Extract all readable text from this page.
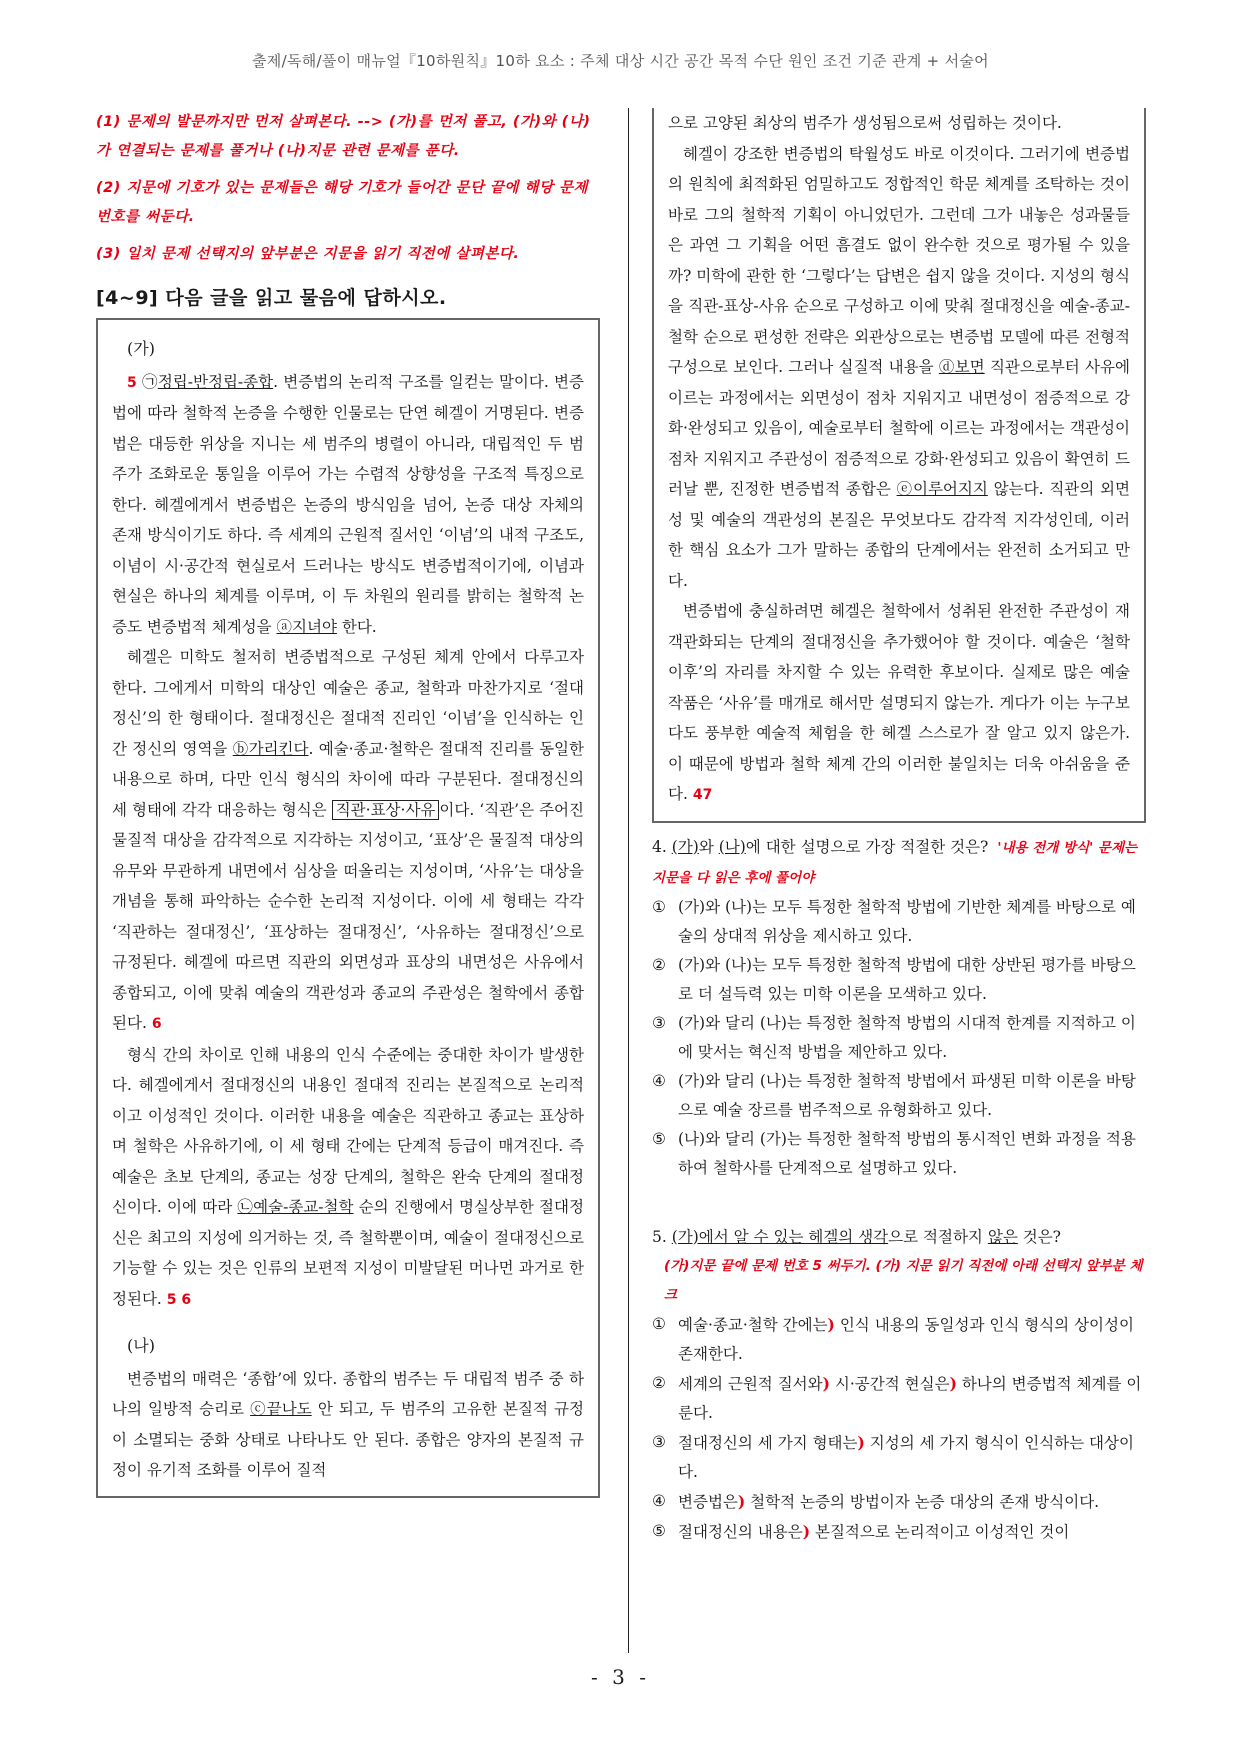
출제/독해/풀이 매뉴얼『10하원칙』10하 요소 : 주체 대상 시간 공간 목적 수단 원인 조건 기준 관계 + 서술어

(1) 문제의 발문까지만 먼저 살펴본다. --> (가)를 먼저 풀고, (가)와 (나)가 연결되는 문제를 풀거나 (나)지문 관련 문제를 푼다.

(2) 지문에 기호가 있는 문제들은 해당 기호가 들어간 문단 끝에 해당 문제 번호를 써둔다.

(3) 일치 문제 선택지의 앞부분은 지문을 읽기 직전에 살펴본다.

[4~9] 다음 글을 읽고 물음에 답하시오.
(가)

5 ㉠정립-반정립-종합. 변증법의 논리적 구조를 일컫는 말이다. 변증법에 따라 철학적 논증을 수행한 인물로는 단연 헤겔이 거명된다. 변증법은 대등한 위상을 지니는 세 범주의 병렬이 아니라, 대립적인 두 범주가 조화로운 통일을 이루어 가는 수렴적 상향성을 구조적 특징으로 한다. 헤겔에게서 변증법은 논증의 방식임을 넘어, 논증 대상 자체의 존재 방식이기도 하다. 즉 세계의 근원적 질서인 ‘이념’의 내적 구조도, 이념이 시·공간적 현실로서 드러나는 방식도 변증법적이기에, 이념과 현실은 하나의 체계를 이루며, 이 두 차원의 원리를 밝히는 철학적 논증도 변증법적 체계성을 ⓐ지녀야 한다.

헤겔은 미학도 철저히 변증법적으로 구성된 체계 안에서 다루고자 한다. 그에게서 미학의 대상인 예술은 종교, 철학과 마찬가지로 ‘절대정신’의 한 형태이다. 절대정신은 절대적 진리인 ‘이념’을 인식하는 인간 정신의 영역을 ⓑ가리킨다. 예술·종교·철학은 절대적 진리를 동일한 내용으로 하며, 다만 인식 형식의 차이에 따라 구분된다. 절대정신의 세 형태에 각각 대응하는 형식은 직관·표상·사유 이다. ‘직관’은 주어진 물질적 대상을 감각적으로 지각하는 지성이고, ‘표상’은 물질적 대상의 유무와 무관하게 내면에서 심상을 떠올리는 지성이며, ‘사유’는 대상을 개념을 통해 파악하는 순수한 논리적 지성이다. 이에 세 형태는 각각 ‘직관하는 절대정신’, ‘표상하는 절대정신’, ‘사유하는 절대정신’으로 규정된다. 헤겔에 따르면 직관의 외면성과 표상의 내면성은 사유에서 종합되고, 이에 맞춰 예술의 객관성과 종교의 주관성은 철학에서 종합된다. 6

형식 간의 차이로 인해 내용의 인식 수준에는 중대한 차이가 발생한다. 헤겔에게서 절대정신의 내용인 절대적 진리는 본질적으로 논리적이고 이성적인 것이다. 이러한 내용을 예술은 직관하고 종교는 표상하며 철학은 사유하기에, 이 세 형태 간에는 단계적 등급이 매겨진다. 즉 예술은 초보 단계의, 종교는 성장 단계의, 철학은 완숙 단계의 절대정신이다. 이에 따라 ㉡예술-종교-철학 순의 진행에서 명실상부한 절대정신은 최고의 지성에 의거하는 것, 즉 철학뿐이며, 예술이 절대정신으로 기능할 수 있는 것은 인류의 보편적 지성이 미발달된 머나먼 과거로 한정된다. 5 6

(나)

변증법의 매력은 ‘종합’에 있다. 종합의 범주는 두 대립적 범주 중 하나의 일방적 승리로 ⓒ끝나도 안 되고, 두 범주의 고유한 본질적 규정이 소멸되는 중화 상태로 나타나도 안 된다. 종합은 양자의 본질적 규정이 유기적 조화를 이루어 질적

으로 고양된 최상의 범주가 생성됨으로써 성립하는 것이다.

헤겔이 강조한 변증법의 탁월성도 바로 이것이다. 그러기에 변증법의 원칙에 최적화된 엄밀하고도 정합적인 학문 체계를 조탁하는 것이 바로 그의 철학적 기획이 아니었던가. 그런데 그가 내놓은 성과물들은 과연 그 기획을 어떤 흠결도 없이 완수한 것으로 평가될 수 있을까? 미학에 관한 한 ‘그렇다’는 답변은 쉽지 않을 것이다. 지성의 형식을 직관-표상-사유 순으로 구성하고 이에 맞춰 절대정신을 예술-종교-철학 순으로 편성한 전략은 외관상으로는 변증법 모델에 따른 전형적 구성으로 보인다. 그러나 실질적 내용을 ⓓ보면 직관으로부터 사유에 이르는 과정에서는 외면성이 점차 지워지고 내면성이 점증적으로 강화·완성되고 있음이, 예술로부터 철학에 이르는 과정에서는 객관성이 점차 지워지고 주관성이 점증적으로 강화·완성되고 있음이 확연히 드러날 뿐, 진정한 변증법적 종합은 ⓔ이루어지지 않는다. 직관의 외면성 및 예술의 객관성의 본질은 무엇보다도 감각적 지각성인데, 이러한 핵심 요소가 그가 말하는 종합의 단계에서는 완전히 소거되고 만다.

변증법에 충실하려면 헤겔은 철학에서 성취된 완전한 주관성이 재객관화되는 단계의 절대정신을 추가했어야 할 것이다. 예술은 ‘철학 이후’의 자리를 차지할 수 있는 유력한 후보이다. 실제로 많은 예술 작품은 ‘사유’를 매개로 해서만 설명되지 않는가. 게다가 이는 누구보다도 풍부한 예술적 체험을 한 헤겔 스스로가 잘 알고 있지 않은가. 이 때문에 방법과 철학 체계 간의 이러한 불일치는 더욱 아쉬움을 준다. 47

4. (가)와 (나)에 대한 설명으로 가장 적절한 것은? '내용 전개 방식' 문제는 지문을 다 읽은 후에 풀어야

① (가)와 (나)는 모두 특정한 철학적 방법에 기반한 체계를 바탕으로 예술의 상대적 위상을 제시하고 있다.
② (가)와 (나)는 모두 특정한 철학적 방법에 대한 상반된 평가를 바탕으로 더 설득력 있는 미학 이론을 모색하고 있다.
③ (가)와 달리 (나)는 특정한 철학적 방법의 시대적 한계를 지적하고 이에 맞서는 혁신적 방법을 제안하고 있다.
④ (가)와 달리 (나)는 특정한 철학적 방법에서 파생된 미학 이론을 바탕으로 예술 장르를 범주적으로 유형화하고 있다.
⑤ (나)와 달리 (가)는 특정한 철학적 방법의 통시적인 변화 과정을 적용하여 철학사를 단계적으로 설명하고 있다.

5. (가)에서 알 수 있는 헤겔의 생각으로 적절하지 않은 것은?

(가)지문 끝에 문제 번호 5 써두기. (가) 지문 읽기 직전에 아래 선택지 앞부분 체크
① 예술·종교·철학 간에는) 인식 내용의 동일성과 인식 형식의 상이성이 존재한다.
② 세계의 근원적 질서와) 시·공간적 현실은) 하나의 변증법적 체계를 이룬다.
③ 절대정신의 세 가지 형태는) 지성의 세 가지 형식이 인식하는 대상이다.
④ 변증법은) 철학적 논증의 방법이자 논증 대상의 존재 방식이다.
⑤ 절대정신의 내용은) 본질적으로 논리적이고 이성적인 것이
- 3 -
